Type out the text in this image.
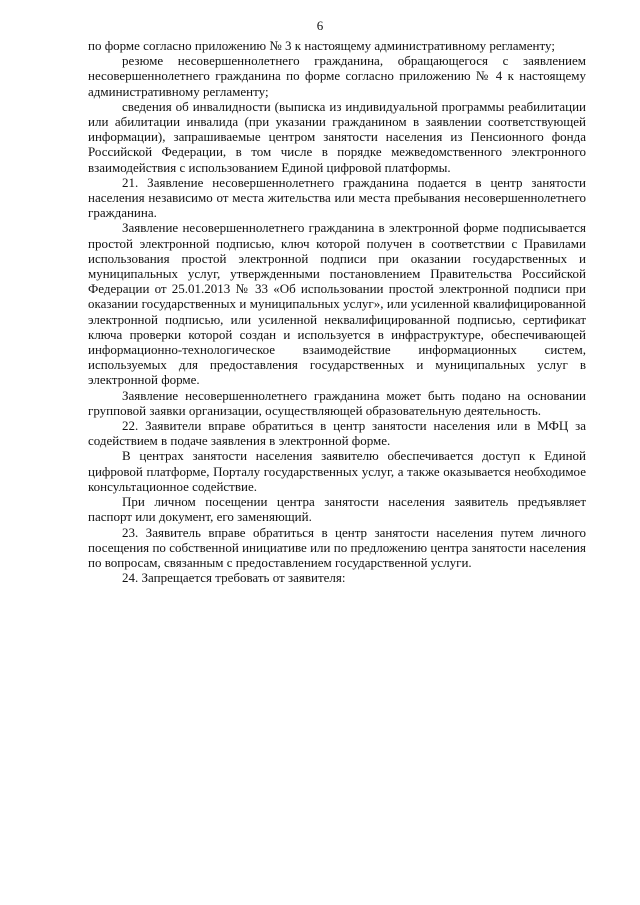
6

по форме согласно приложению № 3 к настоящему административному регламенту;

резюме несовершеннолетнего гражданина, обращающегося с заявлением несовершеннолетнего гражданина по форме согласно приложению № 4 к настоящему административному регламенту;

сведения об инвалидности (выписка из индивидуальной программы реабилитации или абилитации инвалида (при указании гражданином в заявлении соответствующей информации), запрашиваемые центром занятости населения из Пенсионного фонда Российской Федерации, в том числе в порядке межведомственного электронного взаимодействия с использованием Единой цифровой платформы.

21. Заявление несовершеннолетнего гражданина подается в центр занятости населения независимо от места жительства или места пребывания несовершеннолетнего гражданина.

Заявление несовершеннолетнего гражданина в электронной форме подписывается простой электронной подписью, ключ которой получен в соответствии с Правилами использования простой электронной подписи при оказании государственных и муниципальных услуг, утвержденными постановлением Правительства Российской Федерации от 25.01.2013 № 33 «Об использовании простой электронной подписи при оказании государственных и муниципальных услуг», или усиленной квалифицированной электронной подписью, или усиленной неквалифицированной подписью, сертификат ключа проверки которой создан и используется в инфраструктуре, обеспечивающей информационно-технологическое взаимодействие информационных систем, используемых для предоставления государственных и муниципальных услуг в электронной форме.

Заявление несовершеннолетнего гражданина может быть подано на основании групповой заявки организации, осуществляющей образовательную деятельность.

22. Заявители вправе обратиться в центр занятости населения или в МФЦ за содействием в подаче заявления в электронной форме.

В центрах занятости населения заявителю обеспечивается доступ к Единой цифровой платформе, Порталу государственных услуг, а также оказывается необходимое консультационное содействие.

При личном посещении центра занятости населения заявитель предъявляет паспорт или документ, его заменяющий.

23. Заявитель вправе обратиться в центр занятости населения путем личного посещения по собственной инициативе или по предложению центра занятости населения по вопросам, связанным с предоставлением государственной услуги.

24. Запрещается требовать от заявителя:
